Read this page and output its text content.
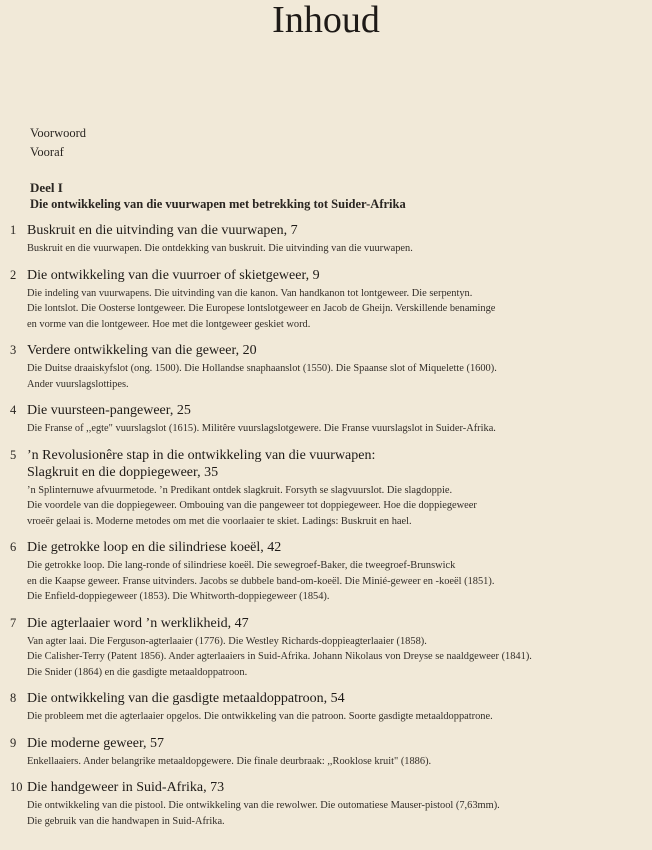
Inhoud
Voorwoord
Vooraf
Deel I
Die ontwikkeling van die vuurwapen met betrekking tot Suider-Afrika
1 Buskruit en die uitvinding van die vuurwapen, 7
Buskruit en die vuurwapen. Die ontdekking van buskruit. Die uitvinding van die vuurwapen.
2 Die ontwikkeling van die vuurroer of skietgeweer, 9
Die indeling van vuurwapens. Die uitvinding van die kanon. Van handkanon tot lontgeweer. Die serpentyn.
Die lontslot. Die Oosterse lontgeweer. Die Europese lontslotgeweer en Jacob de Gheijn. Verskillende benaminge
en vorme van die lontgeweer. Hoe met die lontgeweer geskiet word.
3 Verdere ontwikkeling van die geweer, 20
Die Duitse draaiskyfslot (ong. 1500). Die Hollandse snaphaanslot (1550). Die Spaanse slot of Miquelette (1600).
Ander vuurslagslottipes.
4 Die vuursteen-pangeweer, 25
Die Franse of ,,egte" vuurslagslot (1615). Militêre vuurslagslotgewere. Die Franse vuurslagslot in Suider-Afrika.
5 ’n Revolusionêre stap in die ontwikkeling van die vuurwapen:
Slagkruit en die doppiegeweer, 35
’n Splinternuwe afvuurmetode. ’n Predikant ontdek slagkruit. Forsyth se slagvuurslot. Die slagdoppie.
Die voordele van die doppiegeweer. Ombouing van die pangeweer tot doppiegeweer. Hoe die doppiegeweer
vroeër gelaai is. Moderne metodes om met die voorlaaier te skiet. Ladings: Buskruit en hael.
6 Die getrokke loop en die silindriese koeël, 42
Die getrokke loop. Die lang-ronde of silindriese koeël. Die sewegroef-Baker, die tweegroef-Brunswick
en die Kaapse geweer. Franse uitvinders. Jacobs se dubbele band-om-koeël. Die Minié-geweer en -koeël (1851).
Die Enfield-doppiegeweer (1853). Die Whitworth-doppiegeweer (1854).
7 Die agterlaaier word ’n werklikheid, 47
Van agter laai. Die Ferguson-agterlaaier (1776). Die Westley Richards-doppieagterlaaier (1858).
Die Calisher-Terry (Patent 1856). Ander agterlaaiers in Suid-Afrika. Johann Nikolaus von Dreyse se naaldgeweer (1841).
Die Snider (1864) en die gasdigte metaaldoppatroon.
8 Die ontwikkeling van die gasdigte metaaldoppatroon, 54
Die probleem met die agterlaaier opgelos. Die ontwikkeling van die patroon. Soorte gasdigte metaaldoppatrone.
9 Die moderne geweer, 57
Enkellaaiers. Ander belangrike metaaldopgewere. Die finale deurbraak: ,,Rooklose kruit" (1886).
10 Die handgeweer in Suid-Afrika, 73
Die ontwikkeling van die pistool. Die ontwikkeling van die rewolwer. Die outomatiese Mauser-pistool (7,63mm).
Die gebruik van die handwapen in Suid-Afrika.
